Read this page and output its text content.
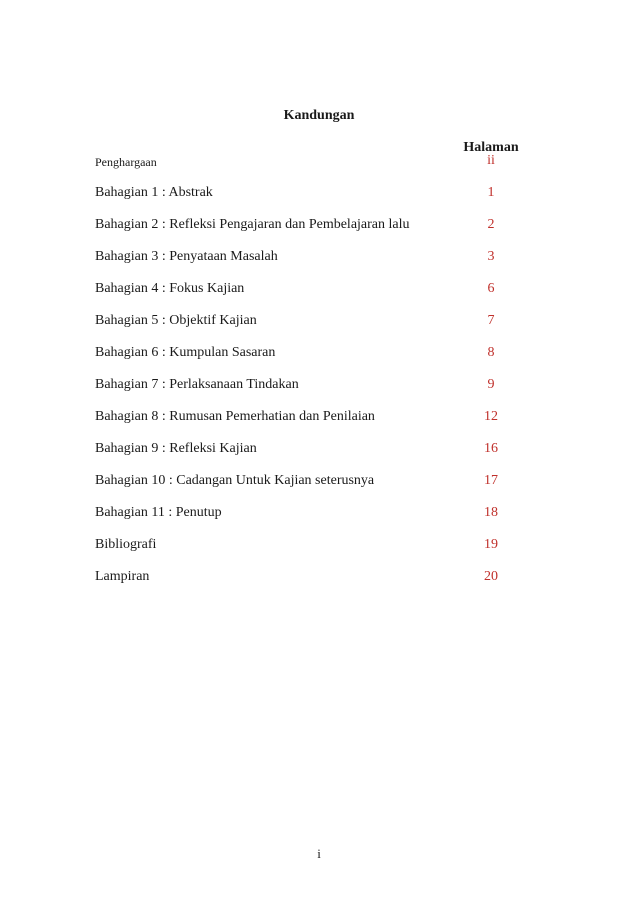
Kandungan
Halaman
Penghargaan	ii
Bahagian 1 : Abstrak	1
Bahagian 2 : Refleksi Pengajaran dan Pembelajaran lalu	2
Bahagian 3 : Penyataan Masalah	3
Bahagian 4 : Fokus Kajian	6
Bahagian 5 : Objektif Kajian	7
Bahagian 6 : Kumpulan Sasaran	8
Bahagian 7 : Perlaksanaan Tindakan	9
Bahagian 8 : Rumusan Pemerhatian dan Penilaian	12
Bahagian 9 : Refleksi Kajian	16
Bahagian 10 : Cadangan Untuk Kajian seterusnya	17
Bahagian 11 : Penutup	18
Bibliografi	19
Lampiran	20
i
